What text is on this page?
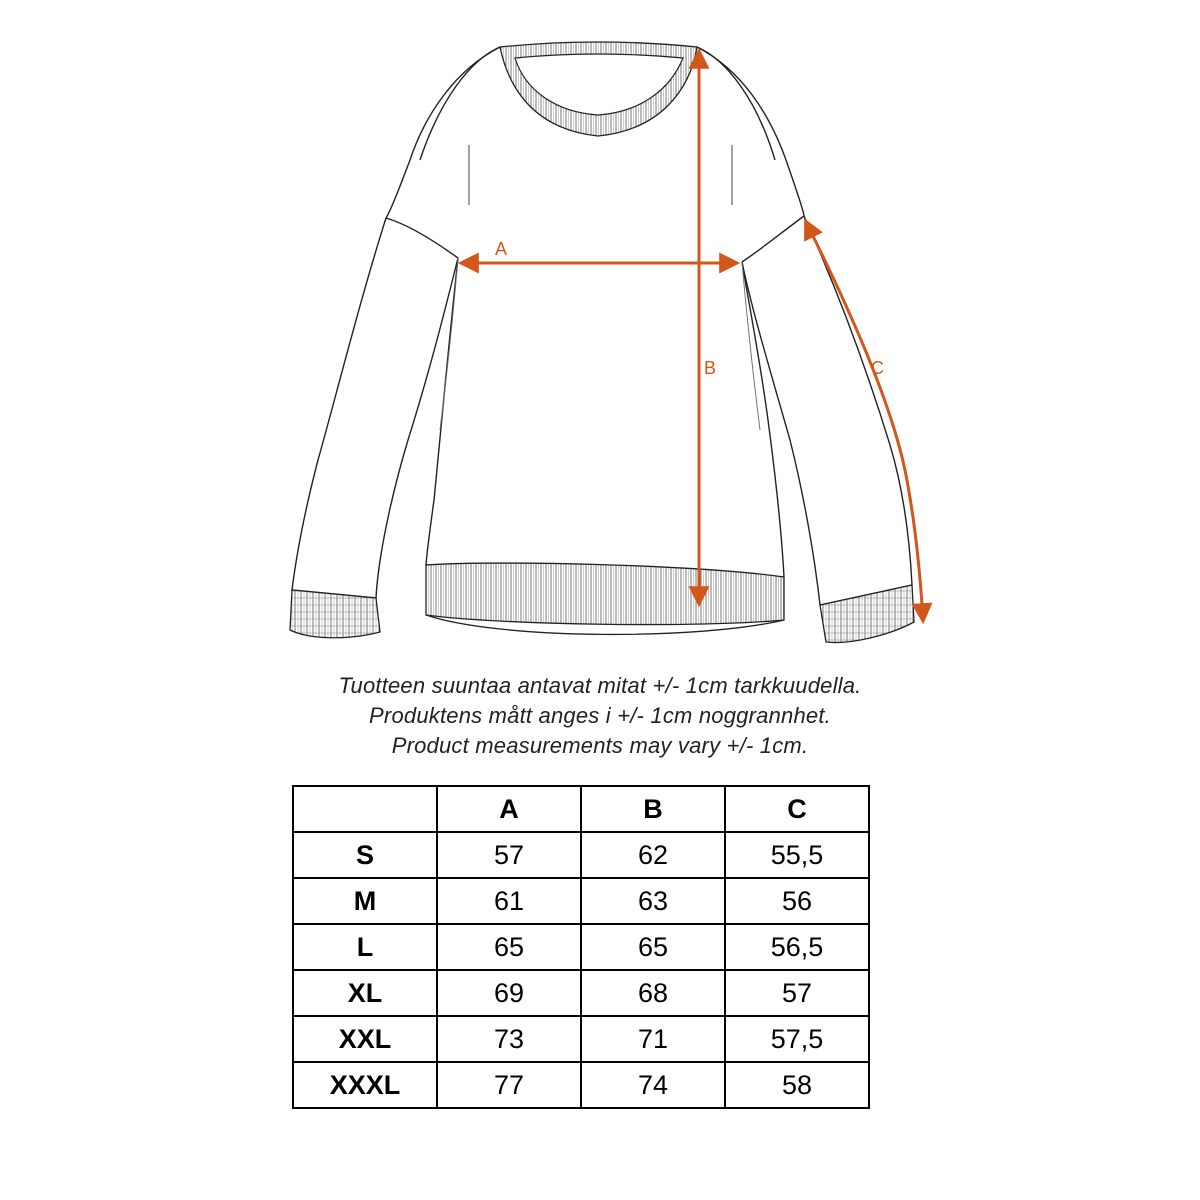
A
B	C
Tuotteen suuntaa antavat mitat +/- 1cm tarkkuudella.
Produktens mått anges i +/- 1cm noggrannhet.
Product measurements may vary +/- 1cm.
	A	B	C
S	57	62	55,5
M	61	63	56
L	65	65	56,5
XL	69	68	57
XXL	73	71	57,5
XXXL	77	74	58
